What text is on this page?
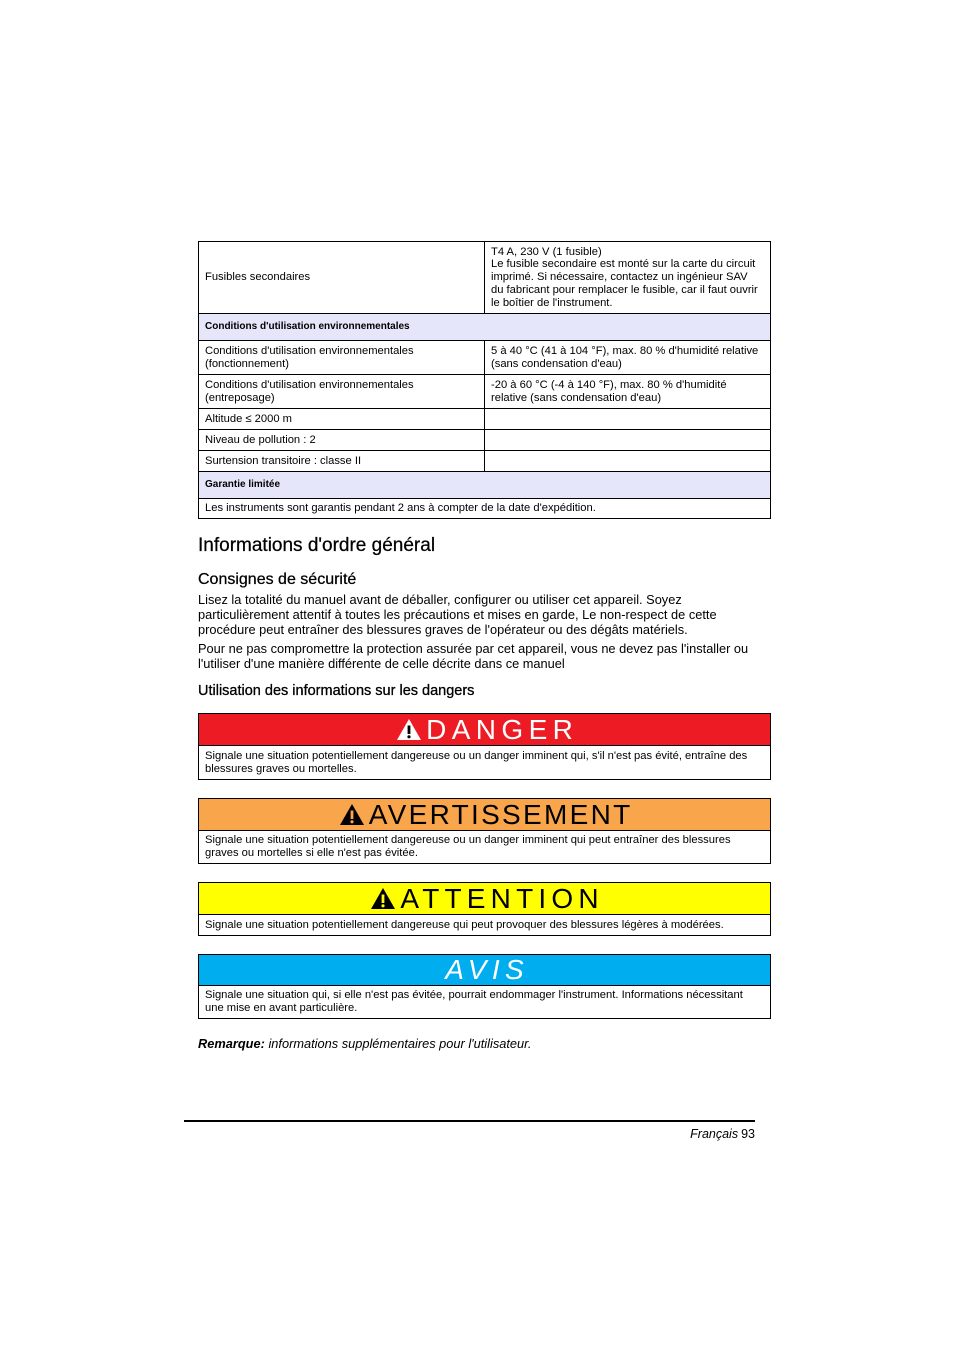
Fusibles secondaires
T4 A, 230 V (1 fusible)
Le fusible secondaire est monté sur la carte du circuit imprimé. Si nécessaire, contactez un ingénieur SAV du fabricant pour remplacer le fusible, car il faut ouvrir le boîtier de l'instrument.
Conditions d'utilisation environnementales
Conditions d'utilisation environnementales (fonctionnement)
5 à 40 °C (41 à 104 °F), max. 80 % d'humidité relative (sans condensation d'eau)
Conditions d'utilisation environnementales (entreposage)
-20 à 60 °C (-4 à 140 °F), max. 80 % d'humidité relative (sans condensation d'eau)
Altitude ≤ 2000 m
Niveau de pollution : 2
Surtension transitoire : classe II
Garantie limitée
Les instruments sont garantis pendant 2 ans à compter de la date d'expédition.
Informations d'ordre général
Consignes de sécurité
Lisez la totalité du manuel avant de déballer, configurer ou utiliser cet appareil. Soyez particulièrement attentif à toutes les précautions et mises en garde, Le non-respect de cette procédure peut entraîner des blessures graves de l'opérateur ou des dégâts matériels.
Pour ne pas compromettre la protection assurée par cet appareil, vous ne devez pas l'installer ou l'utiliser d'une manière différente de celle décrite dans ce manuel
Utilisation des informations sur les dangers
DANGER
Signale une situation potentiellement dangereuse ou un danger imminent qui, s'il n'est pas évité, entraîne des blessures graves ou mortelles.
AVERTISSEMENT
Signale une situation potentiellement dangereuse ou un danger imminent qui peut entraîner des blessures graves ou mortelles si elle n'est pas évitée.
ATTENTION
Signale une situation potentiellement dangereuse qui peut provoquer des blessures légères à modérées.
AVIS
Signale une situation qui, si elle n'est pas évitée, pourrait endommager l'instrument. Informations nécessitant une mise en avant particulière.
Remarque: informations supplémentaires pour l'utilisateur.
Français 93
